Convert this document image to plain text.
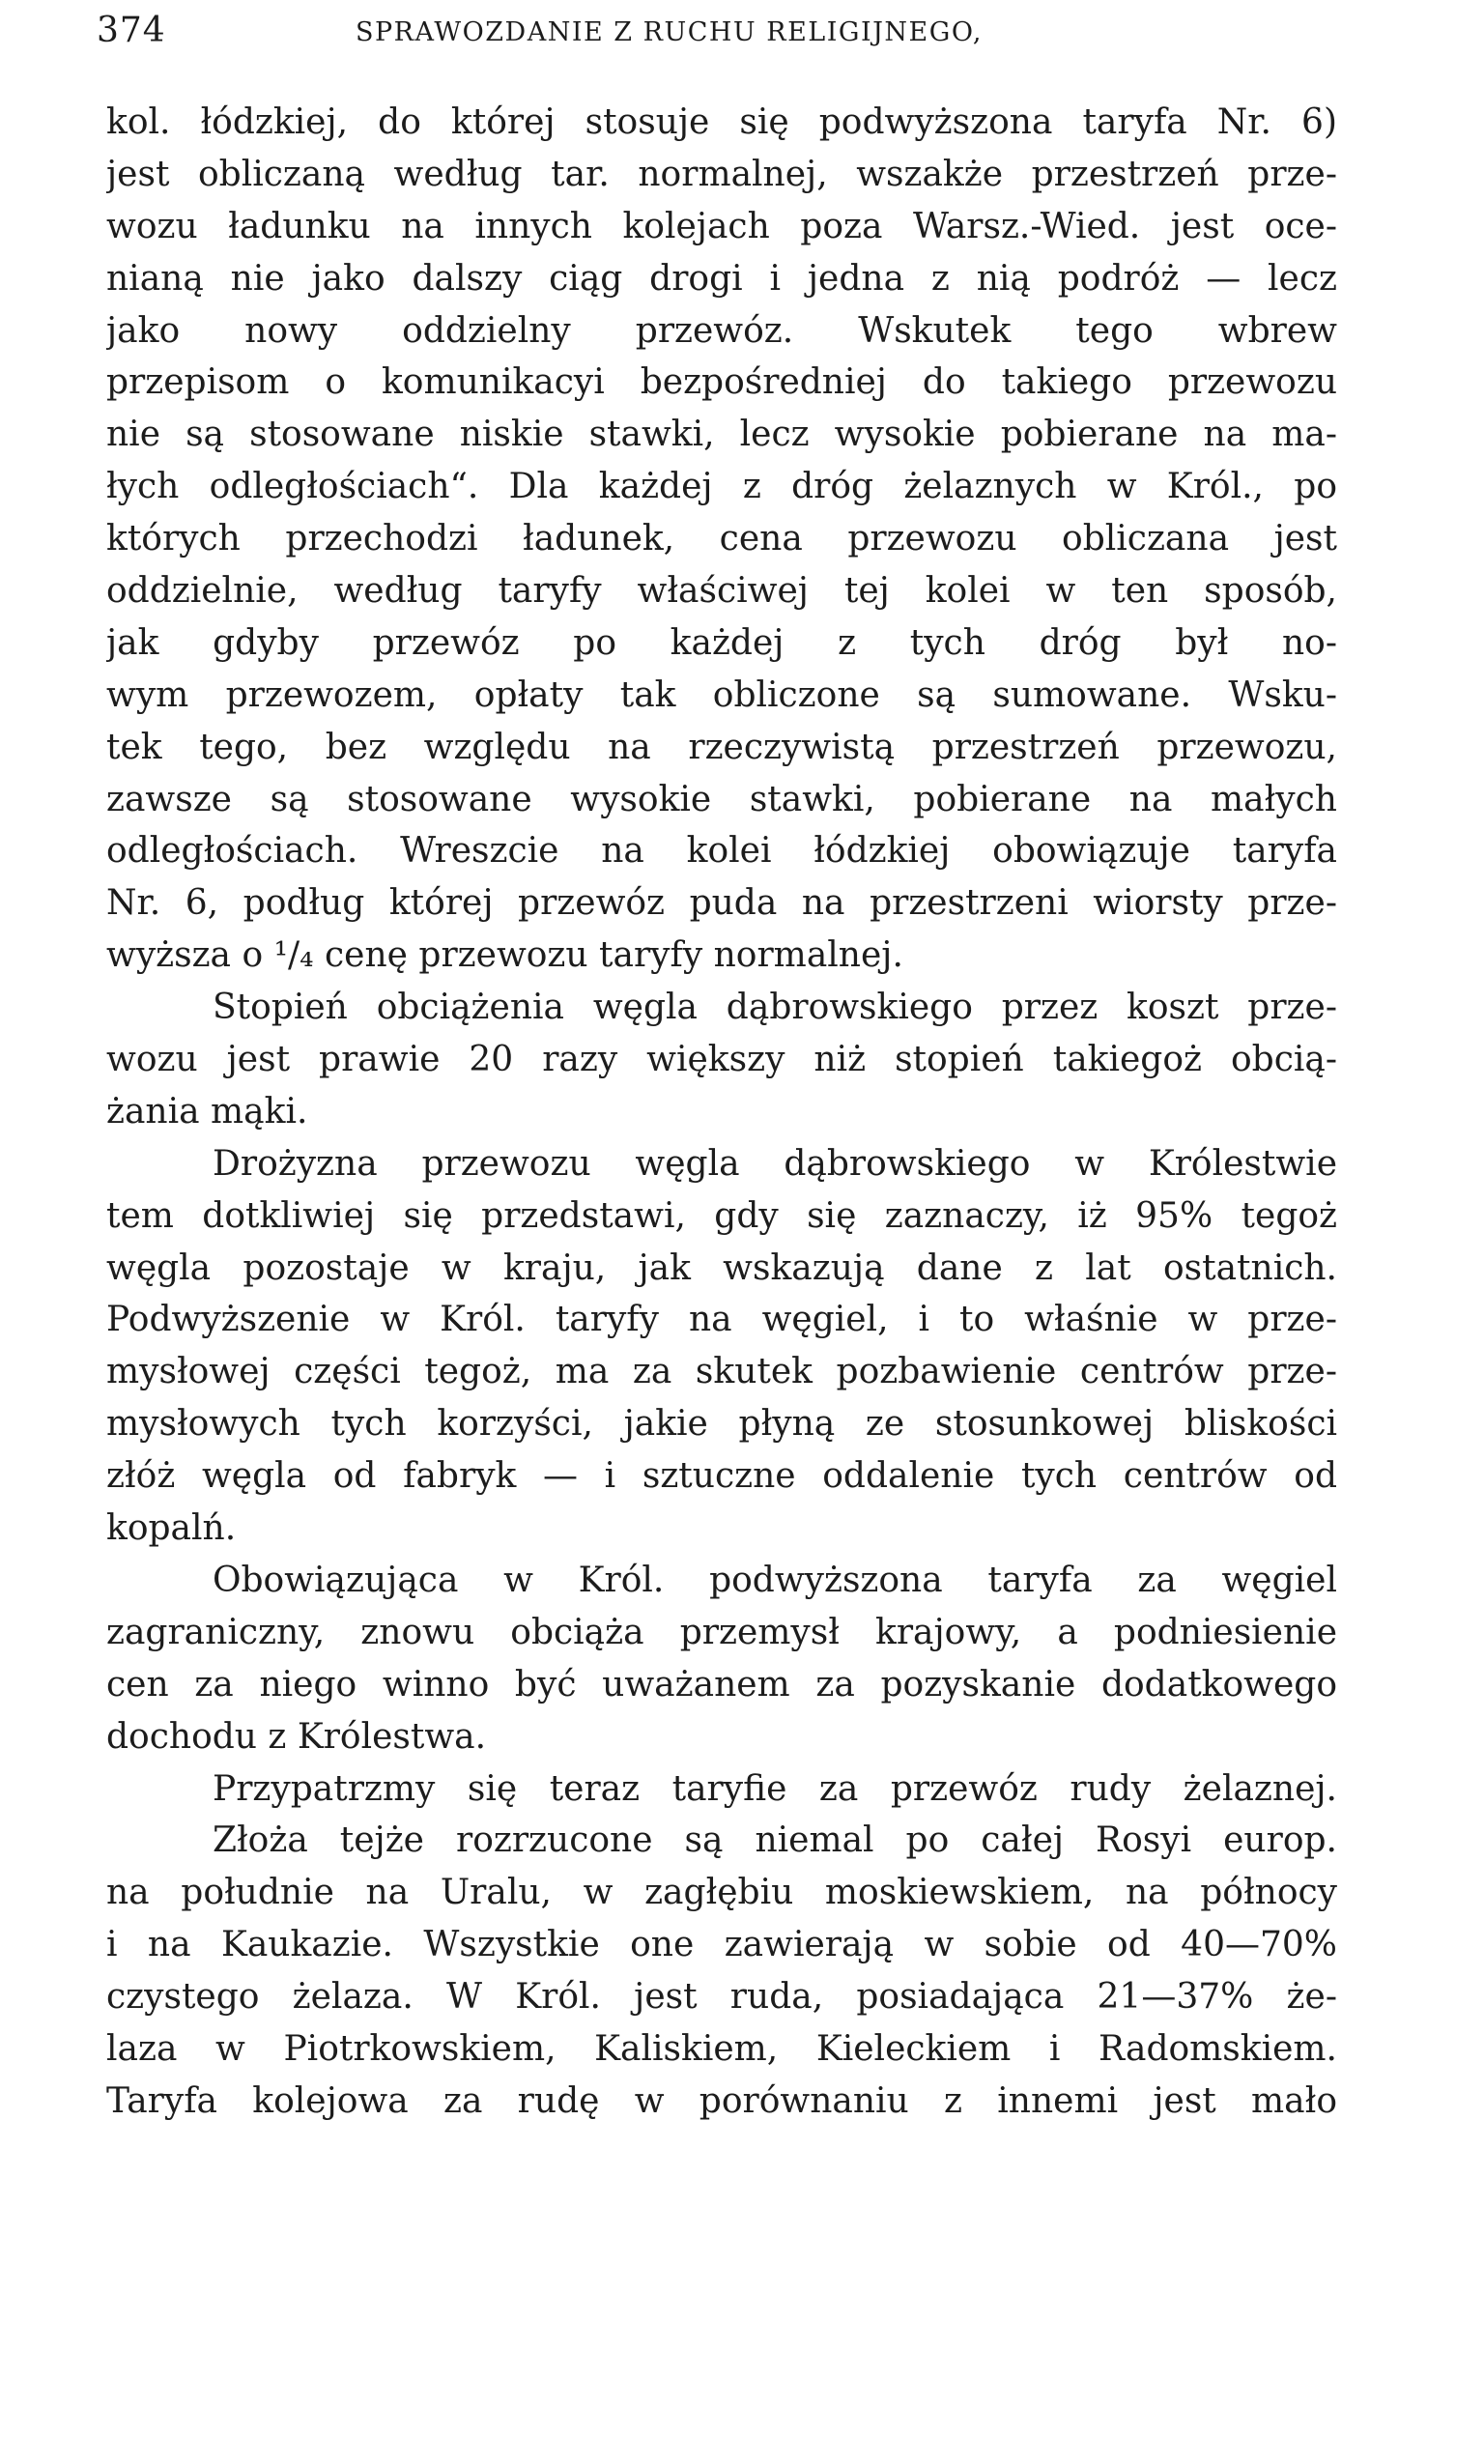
374	SPRAWOZDANIE Z RUCHU RELIGIJNEGO,
kol. łódzkiej, do której stosuje się podwyższona taryfa Nr. 6)
jest obliczaną według tar. normalnej, wszakże przestrzeń prze-
wozu ładunku na innych kolejach poza Warsz.-Wied. jest oce-
nianą nie jako dalszy ciąg drogi i jedna z nią podróż — lecz
jako nowy oddzielny przewóz. Wskutek tego wbrew
przepisom o komunikacyi bezpośredniej do takiego przewozu
nie są stosowane niskie stawki, lecz wysokie pobierane na ma-
łych odległościach“. Dla każdej z dróg żelaznych w Król., po
których przechodzi ładunek, cena przewozu obliczana jest
oddzielnie, według taryfy właściwej tej kolei w ten sposób,
jak gdyby przewóz po każdej z tych dróg był no-
wym przewozem, opłaty tak obliczone są sumowane. Wsku-
tek tego, bez względu na rzeczywistą przestrzeń przewozu,
zawsze są stosowane wysokie stawki, pobierane na małych
odległościach. Wreszcie na kolei łódzkiej obowiązuje taryfa
Nr. 6, podług której przewóz puda na przestrzeni wiorsty prze-
wyższa o ¹/₄ cenę przewozu taryfy normalnej.
Stopień obciążenia węgla dąbrowskiego przez koszt prze-
wozu jest prawie 20 razy większy niż stopień takiegoż obcią-
żania mąki.
Drożyzna przewozu węgla dąbrowskiego w Królestwie
tem dotkliwiej się przedstawi, gdy się zaznaczy, iż 95% tegoż
węgla pozostaje w kraju, jak wskazują dane z lat ostatnich.
Podwyższenie w Król. taryfy na węgiel, i to właśnie w prze-
mysłowej części tegoż, ma za skutek pozbawienie centrów prze-
mysłowych tych korzyści, jakie płyną ze stosunkowej bliskości
złóż węgla od fabryk — i sztuczne oddalenie tych centrów od
kopalń.
Obowiązująca w Król. podwyższona taryfa za węgiel
zagraniczny, znowu obciąża przemysł krajowy, a podniesienie
cen za niego winno być uważanem za pozyskanie dodatkowego
dochodu z Królestwa.
Przypatrzmy się teraz taryfie za przewóz rudy żelaznej.
Złoża tejże rozrzucone są niemal po całej Rosyi europ.
na południe na Uralu, w zagłębiu moskiewskiem, na północy
i na Kaukazie. Wszystkie one zawierają w sobie od 40—70%
czystego żelaza. W Król. jest ruda, posiadająca 21—37% że-
laza w Piotrkowskiem, Kaliskiem, Kieleckiem i Radomskiem.
Taryfa kolejowa za rudę w porównaniu z innemi jest mało
